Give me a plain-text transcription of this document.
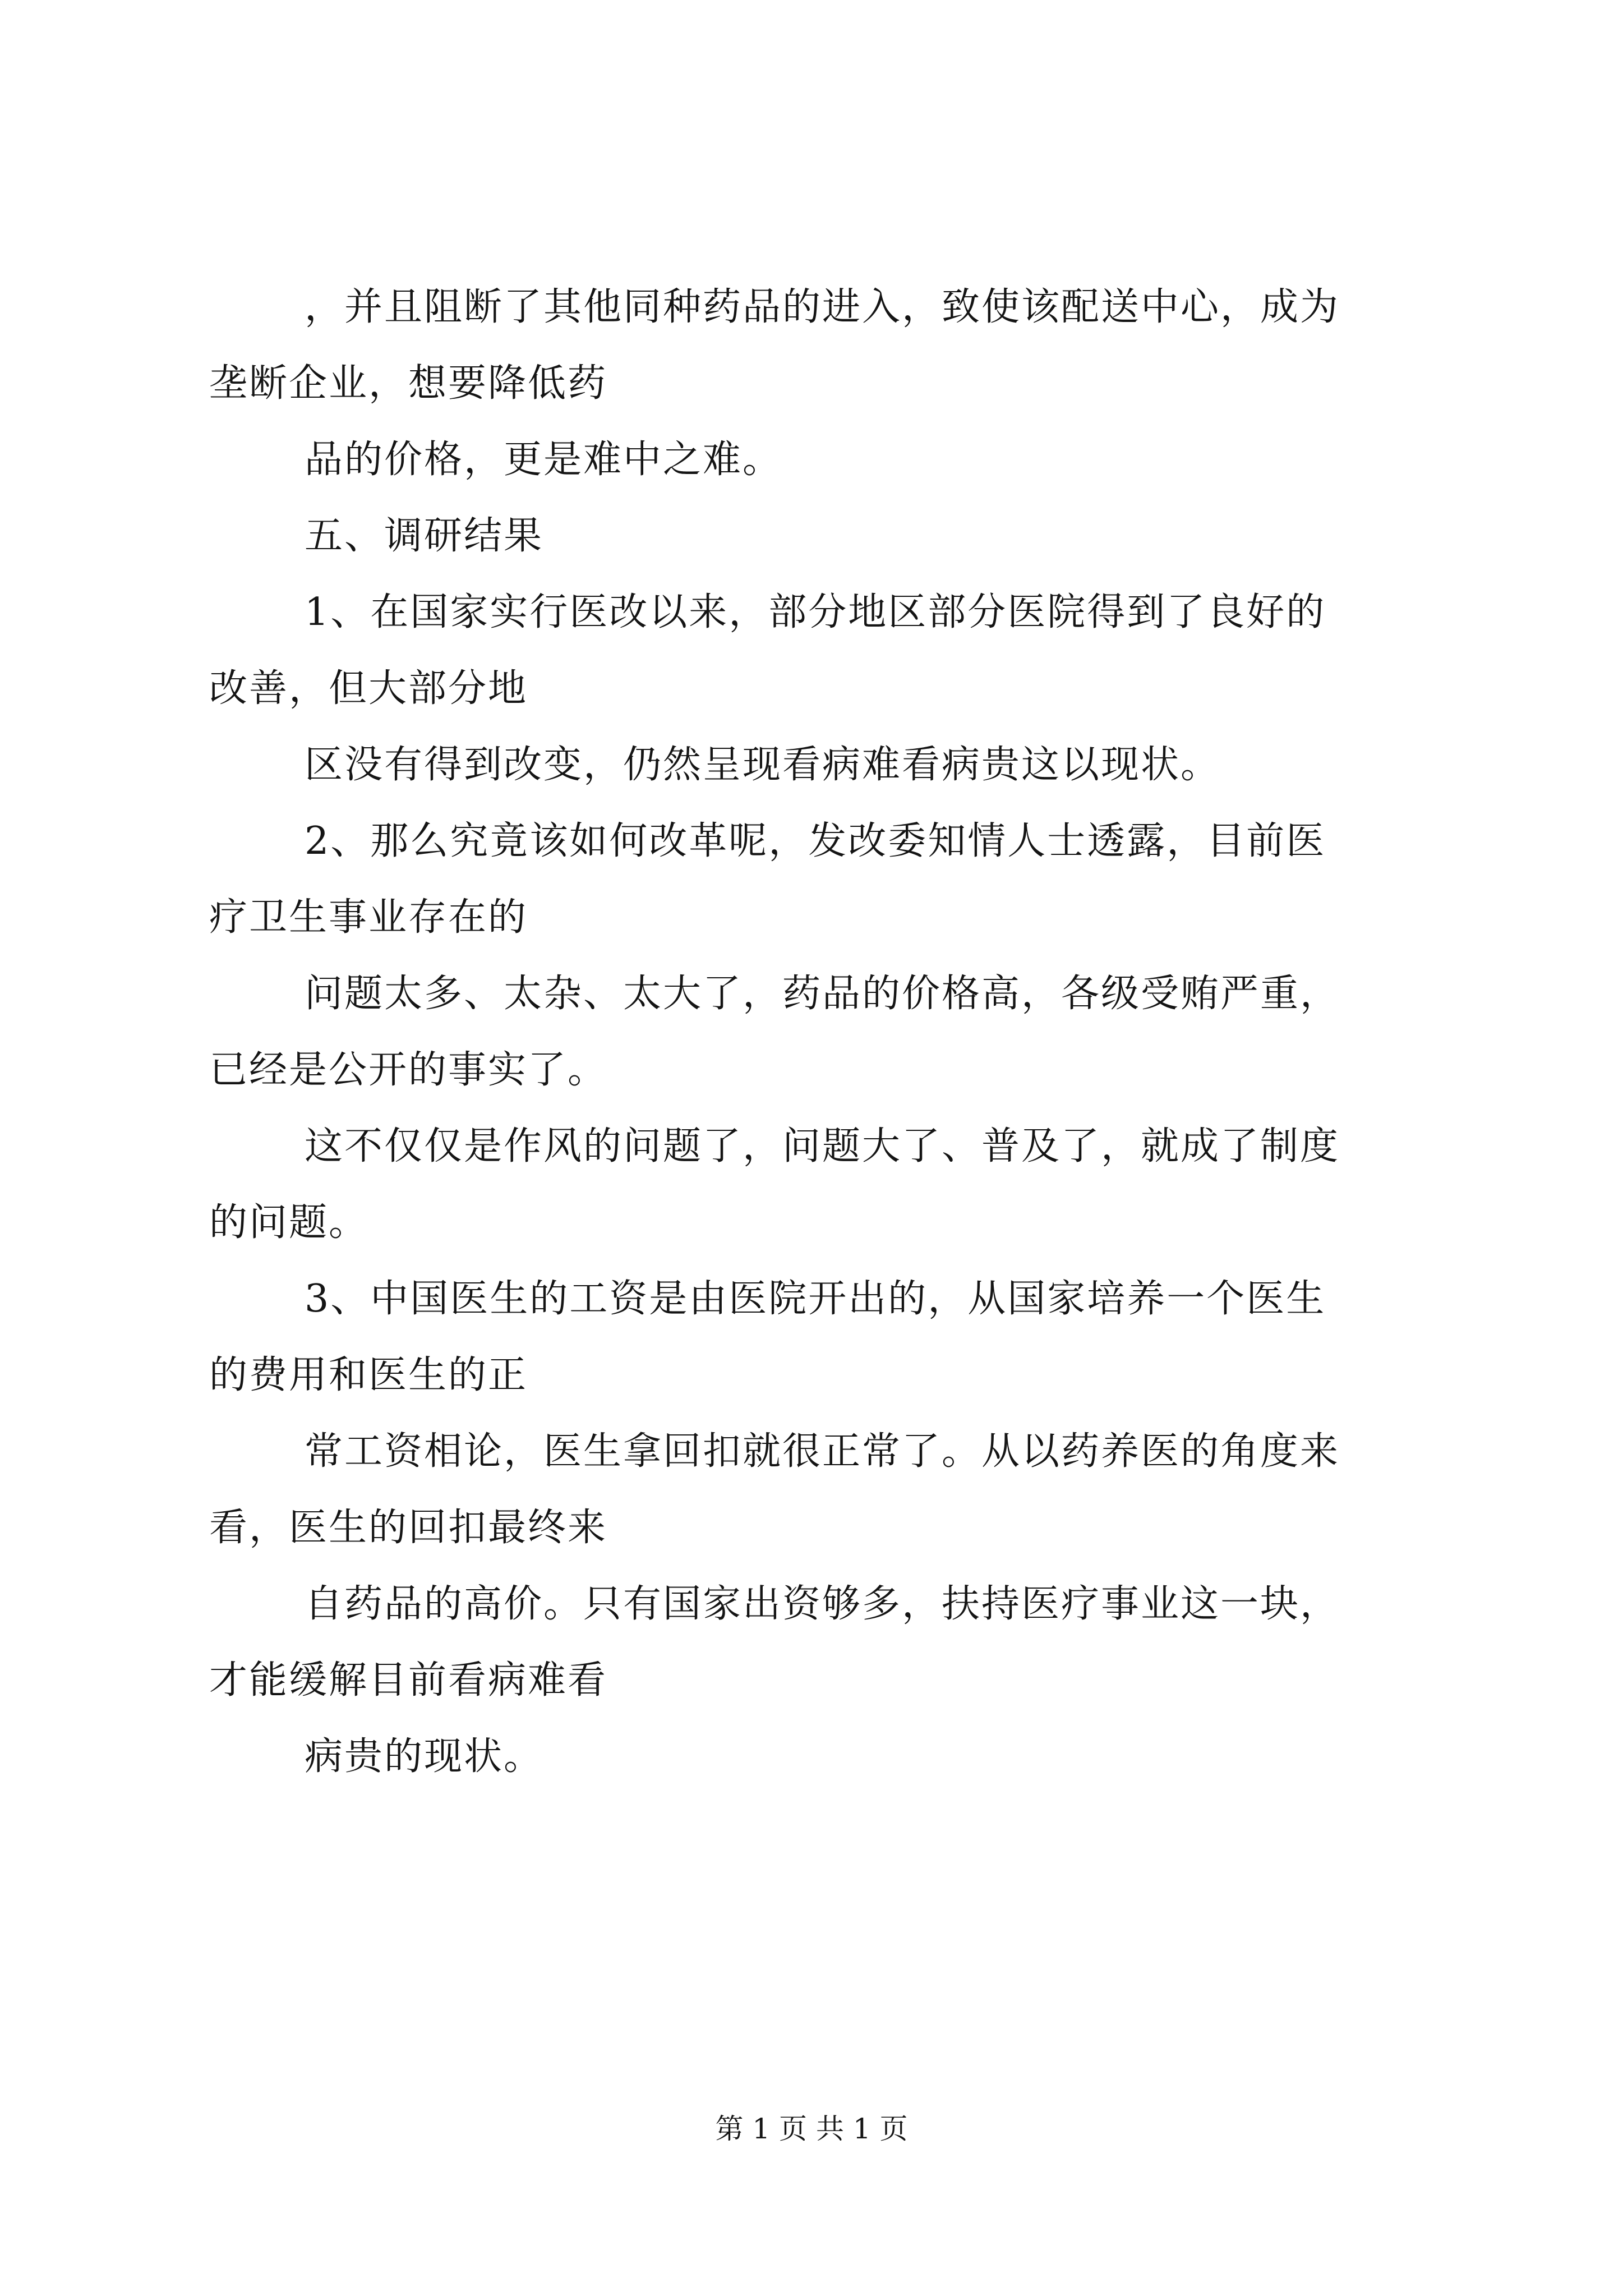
，并且阻断了其他同种药品的进入，致使该配送中心，成为

垄断企业，想要降低药

品的价格，更是难中之难。

五、调研结果

1、在国家实行医改以来，部分地区部分医院得到了良好的

改善，但大部分地

区没有得到改变，仍然呈现看病难看病贵这以现状。

2、那么究竟该如何改革呢，发改委知情人士透露，目前医

疗卫生事业存在的

问题太多、太杂、太大了，药品的价格高，各级受贿严重，

已经是公开的事实了。

这不仅仅是作风的问题了，问题大了、普及了，就成了制度

的问题。

3、中国医生的工资是由医院开出的，从国家培养一个医生

的费用和医生的正

常工资相论，医生拿回扣就很正常了。从以药养医的角度来

看，医生的回扣最终来

自药品的高价。只有国家出资够多，扶持医疗事业这一块，

才能缓解目前看病难看

病贵的现状。

第 1 页 共 1 页
